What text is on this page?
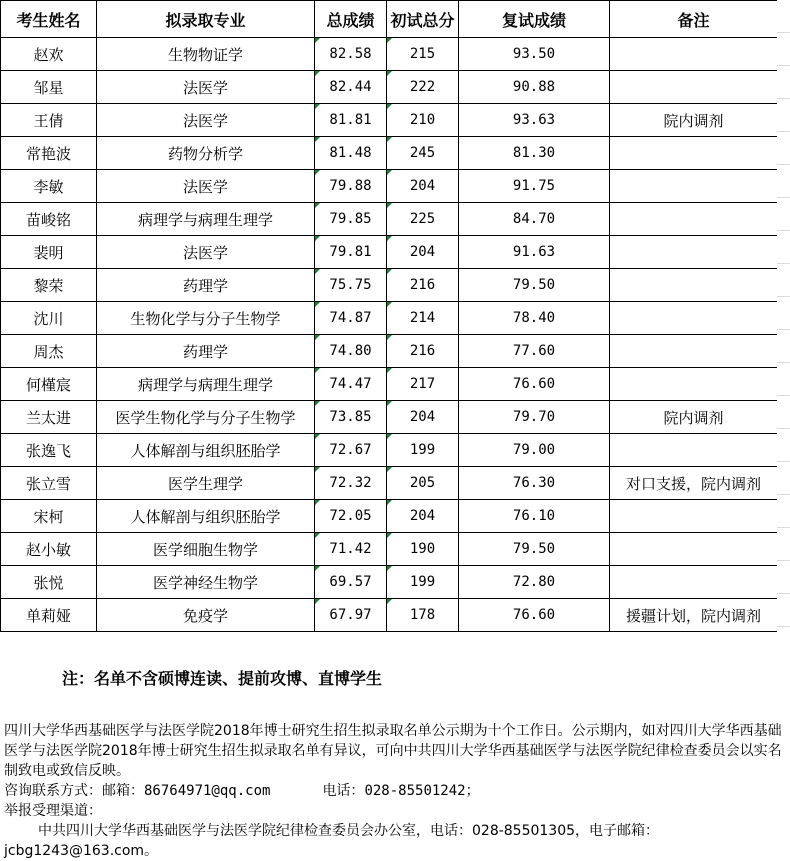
考生姓名	拟录取专业	总成绩	初试总分	复试成绩	备注
赵欢	生物物证学	82.58	215	93.50	
邹星	法医学	82.44	222	90.88	
王倩	法医学	81.81	210	93.63	院内调剂
常艳波	药物分析学	81.48	245	81.30	
李敏	法医学	79.88	204	91.75	
苗峻铭	病理学与病理生理学	79.85	225	84.70	
裴明	法医学	79.81	204	91.63	
黎荣	药理学	75.75	216	79.50	
沈川	生物化学与分子生物学	74.87	214	78.40	
周杰	药理学	74.80	216	77.60	
何槿宸	病理学与病理生理学	74.47	217	76.60	
兰太进	医学生物化学与分子生物学	73.85	204	79.70	院内调剂
张逸飞	人体解剖与组织胚胎学	72.67	199	79.00	
张立雪	医学生理学	72.32	205	76.30	对口支援，院内调剂
宋柯	人体解剖与组织胚胎学	72.05	204	76.10	
赵小敏	医学细胞生物学	71.42	190	79.50	
张悦	医学神经生物学	69.57	199	72.80	
单莉娅	免疫学	67.97	178	76.60	援疆计划，院内调剂
注：名单不含硕博连读、提前攻博、直博学生

四川大学华西基础医学与法医学院2018年博士研究生招生拟录取名单公示期为十个工作日。公示期内，如对四川大学华西基础医学与法医学院2018年博士研究生招生拟录取名单有异议，可向中共四川大学华西基础医学与法医学院纪律检查委员会以实名制致电或致信反映。

咨询联系方式：邮箱：86764971@qq.com	电话：028-85501242；

举报受理渠道：

中共四川大学华西基础医学与法医学院纪律检查委员会办公室，电话：028-85501305，电子邮箱：

jcbg1243@163.com。
